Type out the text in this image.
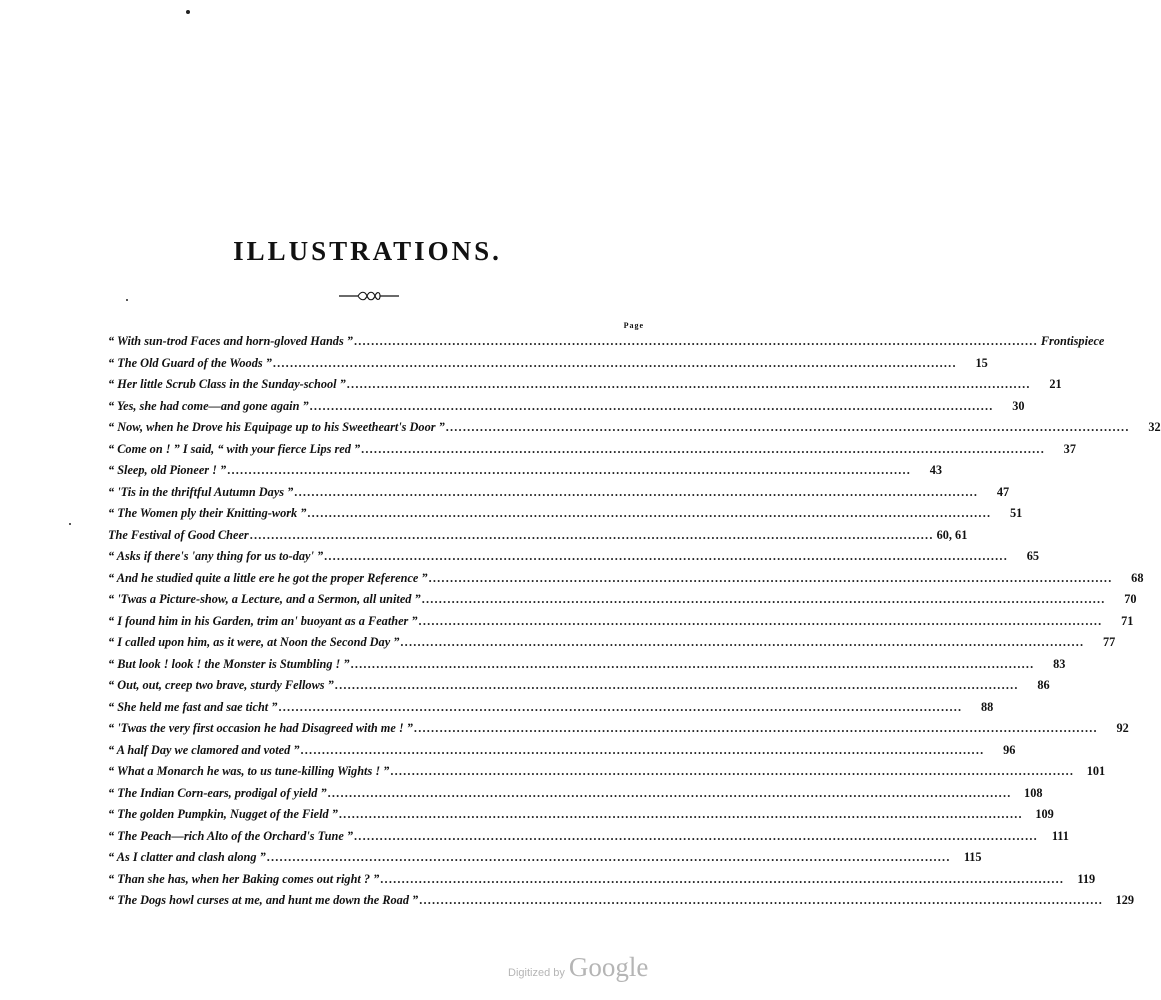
ILLUSTRATIONS.
Page
“ With sun-trod Faces and horn-gloved Hands ” .....	Frontispiece
“ The Old Guard of the Woods ” .....	15
“ Her little Scrub Class in the Sunday-school ” .....	21
“ Yes, she had come—and gone again ” .....	30
“ Now, when he Drove his Equipage up to his Sweetheart's Door ” .....	32
“ Come on ! ” I said, “ with your fierce Lips red ” .....	37
“ Sleep, old Pioneer ! ” .....	43
“ 'Tis in the thriftful Autumn Days ” .....	47
“ The Women ply their Knitting-work ” .....	51
The Festival of Good Cheer .....	60, 61
“ Asks if there's 'any thing for us to-day' ” .....	65
“ And he studied quite a little ere he got the proper Reference ” .....	68
“ 'Twas a Picture-show, a Lecture, and a Sermon, all united ” .....	70
“ I found him in his Garden, trim an' buoyant as a Feather ” .....	71
“ I called upon him, as it were, at Noon the Second Day ” .....	77
“ But look ! look ! the Monster is Stumbling ! ” .....	83
“ Out, out, creep two brave, sturdy Fellows ” .....	86
“ She held me fast and sae ticht ” .....	88
“ 'Twas the very first occasion he had Disagreed with me ! ” .....	92
“ A half Day we clamored and voted ” .....	96
“ What a Monarch he was, to us tune-killing Wights ! ” .....	101
“ The Indian Corn-ears, prodigal of yield ” .....	108
“ The golden Pumpkin, Nugget of the Field ” .....	109
“ The Peach—rich Alto of the Orchard's Tune ” .....	111
“ As I clatter and clash along ” .....	115
“ Than she has, when her Baking comes out right ? ” .....	119
“ The Dogs howl curses at me, and hunt me down the Road ” .....	129
Digitized by Google
